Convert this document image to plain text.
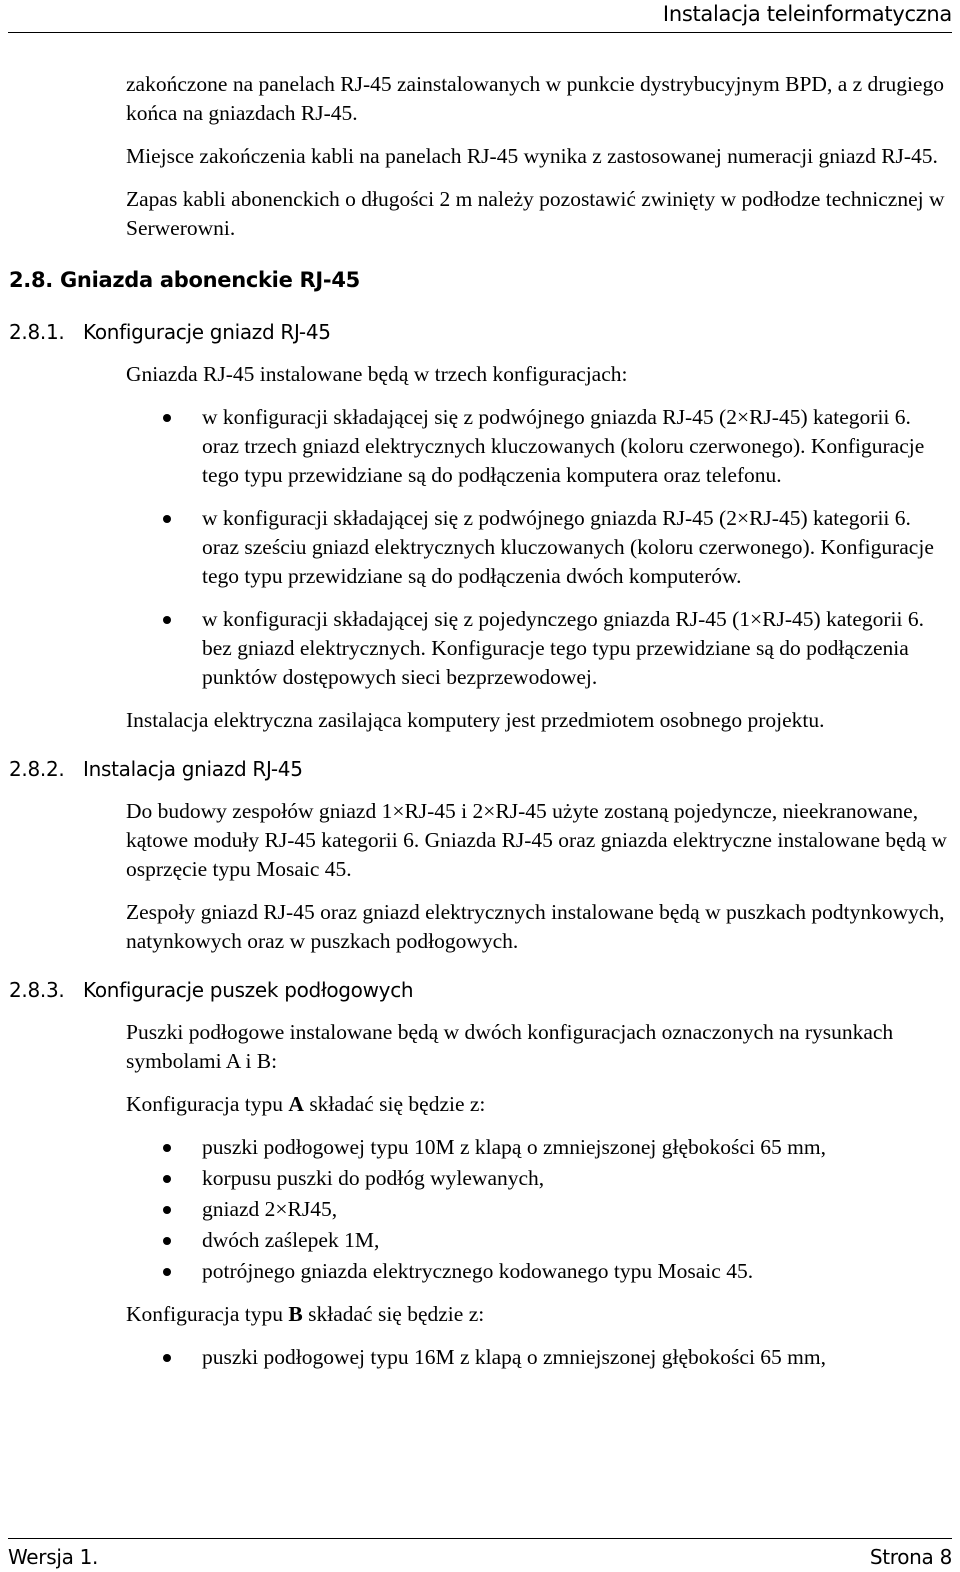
Instalacja teleinformatyczna

zakończone na panelach RJ-45 zainstalowanych w punkcie dystrybucyjnym BPD, a z drugiego końca na gniazdach RJ-45.

Miejsce zakończenia kabli na panelach RJ-45 wynika z zastosowanej numeracji gniazd RJ-45.

Zapas kabli abonenckich o długości 2 m należy pozostawić zwinięty w podłodze technicznej w Serwerowni.

2.8. Gniazda abonenckie RJ-45
2.8.1. Konfiguracje gniazd RJ-45

Gniazda RJ-45 instalowane będą w trzech konfiguracjach:

w konfiguracji składającej się z podwójnego gniazda RJ-45 (2×RJ-45) kategorii 6. oraz trzech gniazd elektrycznych kluczowanych (koloru czerwonego). Konfiguracje tego typu przewidziane są do podłączenia komputera oraz telefonu.
w konfiguracji składającej się z podwójnego gniazda RJ-45 (2×RJ-45) kategorii 6. oraz sześciu gniazd elektrycznych kluczowanych (koloru czerwonego). Konfiguracje tego typu przewidziane są do podłączenia dwóch komputerów.
w konfiguracji składającej się z pojedynczego gniazda RJ-45 (1×RJ-45) kategorii 6. bez gniazd elektrycznych. Konfiguracje tego typu przewidziane są do podłączenia punktów dostępowych sieci bezprzewodowej.

Instalacja elektryczna zasilająca komputery jest przedmiotem osobnego projektu.

2.8.2. Instalacja gniazd RJ-45

Do budowy zespołów gniazd 1×RJ-45 i 2×RJ-45 użyte zostaną pojedyncze, nieekranowane, kątowe moduły RJ-45 kategorii 6. Gniazda RJ-45 oraz gniazda elektryczne instalowane będą w osprzęcie typu Mosaic 45.

Zespoły gniazd RJ-45 oraz gniazd elektrycznych instalowane będą w puszkach podtynkowych, natynkowych oraz w puszkach podłogowych.

2.8.3. Konfiguracje puszek podłogowych

Puszki podłogowe instalowane będą w dwóch konfiguracjach oznaczonych na rysunkach symbolami A i B:

Konfiguracja typu A składać się będzie z:

puszki podłogowej typu 10M z klapą o zmniejszonej głębokości 65 mm,
korpusu puszki do podłóg wylewanych,
gniazd 2×RJ45,
dwóch zaślepek 1M,
potrójnego gniazda elektrycznego kodowanego typu Mosaic 45.

Konfiguracja typu B składać się będzie z:

puszki podłogowej typu 16M z klapą o zmniejszonej głębokości 65 mm,
Wersja 1.	Strona 8
